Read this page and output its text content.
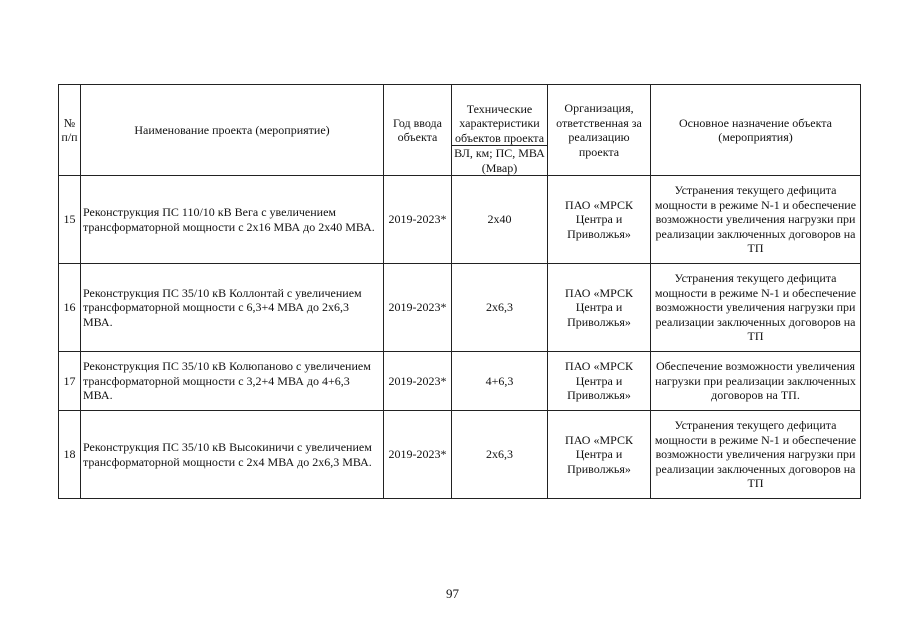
№ п/п	Наименование проекта (мероприятие)	Год ввода объекта	Технические характеристики объектов проекта	Организация, ответственная за реализацию проекта	Основное назначение объекта (мероприятия)
			ВЛ, км; ПС, МВА (Мвар)		
15	Реконструкция ПС 110/10 кВ Вега с увеличением трансформаторной мощности с 2х16 МВА до 2х40 МВА.	2019-2023*	2х40	ПАО «МРСК Центра и Приволжья»	Устранения текущего дефицита мощности в режиме N-1 и обеспечение возможности увеличения нагрузки при реализации заключенных договоров на ТП
16	Реконструкция ПС 35/10 кВ Коллонтай с увеличением трансформаторной мощности с 6,3+4 МВА до 2х6,3 МВА.	2019-2023*	2х6,3	ПАО «МРСК Центра и Приволжья»	Устранения текущего дефицита мощности в режиме N-1 и обеспечение возможности увеличения нагрузки при реализации заключенных договоров на ТП
17	Реконструкция ПС 35/10 кВ Колюпаново с увеличением трансформаторной мощности с 3,2+4 МВА до 4+6,3 МВА.	2019-2023*	4+6,3	ПАО «МРСК Центра и Приволжья»	Обеспечение возможности увеличения нагрузки при реализации заключенных договоров на ТП.
18	Реконструкция ПС 35/10 кВ Высокиничи с увеличением трансформаторной мощности с 2х4 МВА до 2х6,3 МВА.	2019-2023*	2х6,3	ПАО «МРСК Центра и Приволжья»	Устранения текущего дефицита мощности в режиме N-1 и обеспечение возможности увеличения нагрузки при реализации заключенных договоров на ТП
97
